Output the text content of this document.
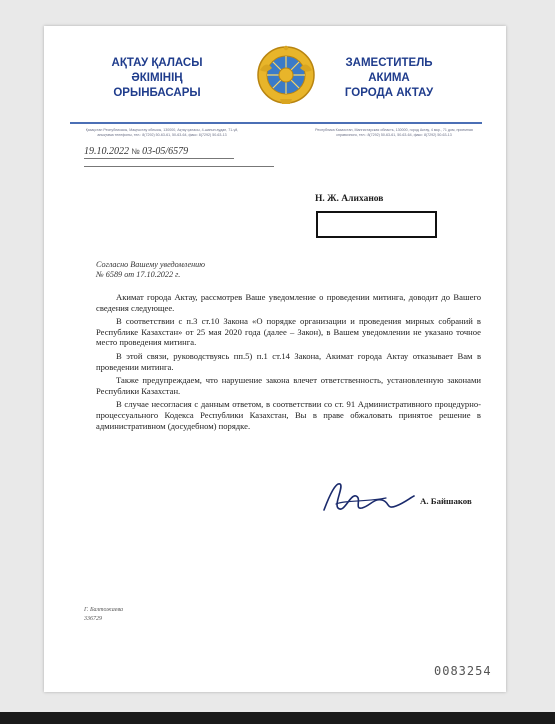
АҚТАУ ҚАЛАСЫ
ӘКІМІНІҢ
ОРЫНБАСАРЫ
ЗАМЕСТИТЕЛЬ
АКИМА
ГОРОДА АКТАУ
Қазақстан Республикасы, Маңғыстау облысы, 130000, Ақтау қаласы, 4-шағын аудан, 71-үй, анықтама телефоны, тел.: 8(7292) 50-63-61, 50-63-64, факс: 8(7292) 50-63-13
Республика Казахстан, Мангистауская область, 130000, город Актау, 4 мкр., 71 дом, приемная справочного, тел.: 8(7292) 50-63-61, 50-63-64, факс: 8(7292) 50-63-13
19.10.2022 № 03-05/6579
Н. Ж. Алиханов
Согласно Вашему уведомлению
№ 6589 от 17.10.2022 г.

Акимат города Актау, рассмотрев Ваше уведомление о проведении митинга, доводит до Вашего сведения следующее.

В соответствии с п.3 ст.10 Закона «О порядке организации и проведения мирных собраний в Республике Казахстан» от 25 мая 2020 года (далее – Закон), в Вашем уведомлении не указано точное место проведения митинга.

В этой связи, руководствуясь пп.5) п.1 ст.14 Закона, Акимат города Актау отказывает Вам в проведении митинга.

Также предупреждаем, что нарушение закона влечет ответственность, установленную законами Республики Казахстан.

В случае несогласия с данным ответом, в соответствии со ст. 91 Административного процедурно-процессуального Кодекса Республики Казахстан, Вы в праве обжаловать принятое решение в административном (досудебном) порядке.

А. Байшаков
Г. Балтожаева
336729
0083254
